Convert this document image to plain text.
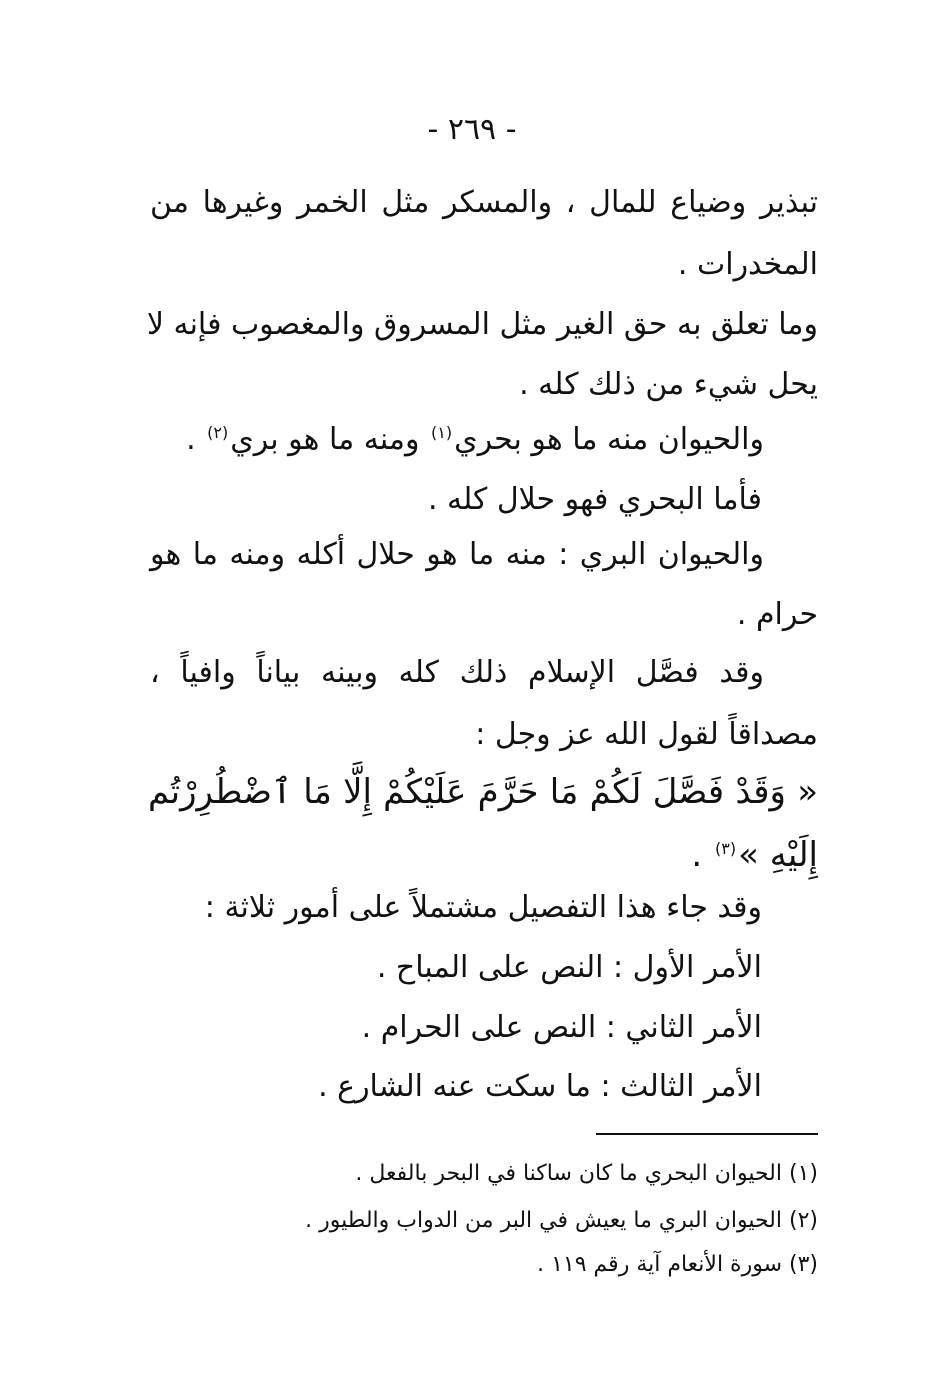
- ٢٦٩ -
تبذير وضياع للمال ، والمسكر مثل الخمر وغيرها من
المخدرات .
وما تعلق به حق الغير مثل المسروق والمغصوب فإنه لا
يحل شيء من ذلك كله .
والحيوان منه ما هو بحري$^{(١)}$ ومنه ما هو بري$^{(٢)}$ .
فأما البحري فهو حلال كله .
والحيوان البري : منه ما هو حلال أكله ومنه ما هو
حرام .
وقد فصَّل الإسلام ذلك كله وبينه بياناً وافياً ،
مصداقاً لقول الله عز وجل :
« وَقَدْ فَصَّلَ لَكُمْ مَا حَرَّمَ عَلَيْكُمْ إِلَّا مَا ٱضْطُرِرْتُم
إِلَيْهِ »$^{(٣)}$ .
وقد جاء هذا التفصيل مشتملاً على أمور ثلاثة :
الأمر الأول : النص على المباح .
الأمر الثاني : النص على الحرام .
الأمر الثالث : ما سكت عنه الشارع .
(١) الحيوان البحري ما كان ساكنا في البحر بالفعل .
(٢) الحيوان البري ما يعيش في البر من الدواب والطيور .
(٣) سورة الأنعام آية رقم ١١٩ .
